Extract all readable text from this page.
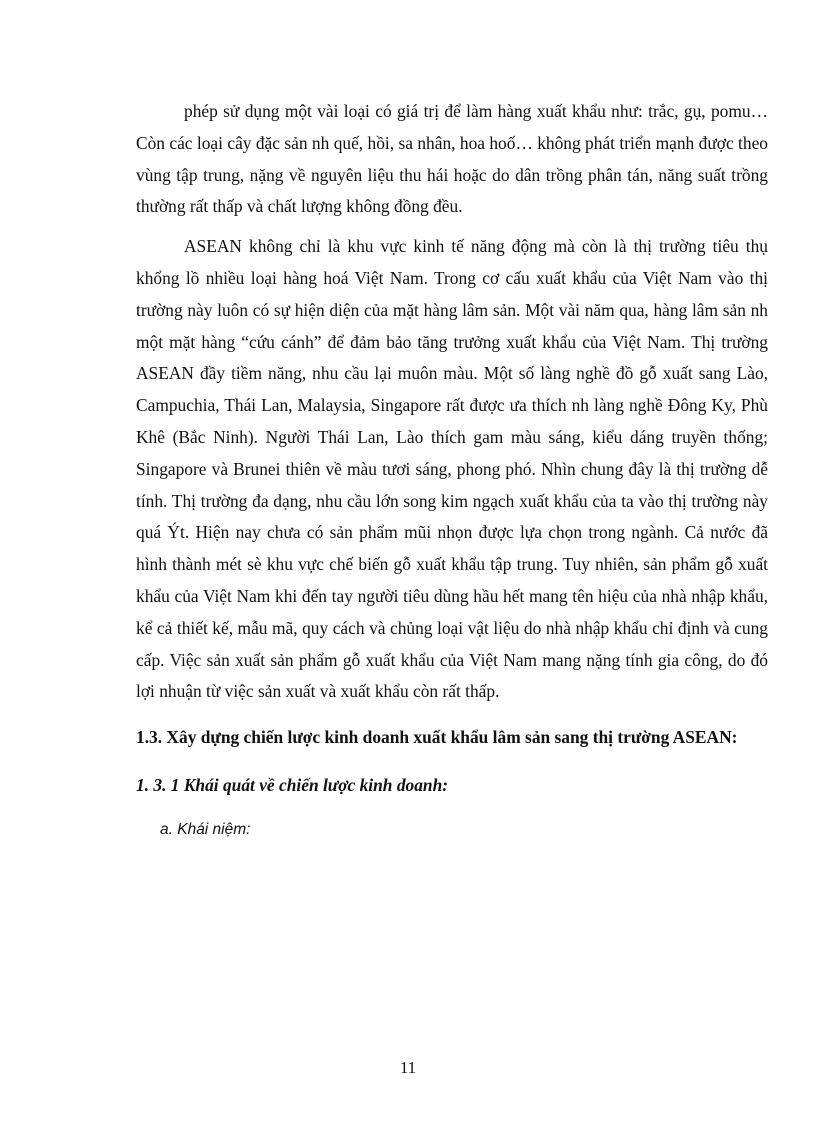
phép sử dụng một vài loại có giá trị để làm hàng xuất khẩu như: trắc, gụ, pomu… Còn các loại cây đặc sản nh quế, hồi, sa nhân, hoa hoố… không phát triển mạnh được theo vùng tập trung, nặng về nguyên liệu thu hái hoặc do dân trồng phân tán, năng suất trồng thường rất thấp và chất lượng không đồng đều.

ASEAN không chỉ là khu vực kinh tế năng động mà còn là thị trường tiêu thụ khổng lồ nhiều loại hàng hoá Việt Nam. Trong cơ cấu xuất khẩu của Việt Nam vào thị trường này luôn có sự hiện diện của mặt hàng lâm sản. Một vài năm qua, hàng lâm sản nh một mặt hàng “cứu cánh” để đảm bảo tăng trưởng xuất khẩu của Việt Nam. Thị trường ASEAN đầy tiềm năng, nhu cầu lại muôn màu. Một số làng nghề đồ gỗ xuất sang Lào, Campuchia, Thái Lan, Malaysia, Singapore rất được ưa thích nh làng nghề Đông Ky, Phù Khê (Bắc Ninh). Người Thái Lan, Lào thích gam màu sáng, kiểu dáng truyền thống; Singapore và Brunei thiên về màu tươi sáng, phong phó. Nhìn chung đây là thị trường dễ tính. Thị trường đa dạng, nhu cầu lớn song kim ngạch xuất khẩu của ta vào thị trường này quá Ýt. Hiện nay chưa có sản phẩm mũi nhọn được lựa chọn trong ngành. Cả nước đã hình thành mét sè khu vực chế biến gỗ xuất khẩu tập trung. Tuy nhiên, sản phẩm gỗ xuất khẩu của Việt Nam khi đến tay người tiêu dùng hầu hết mang tên hiệu của nhà nhập khẩu, kể cả thiết kế, mẫu mã, quy cách và chủng loại vật liệu do nhà nhập khẩu chỉ định và cung cấp. Việc sản xuất sản phẩm gỗ xuất khẩu của Việt Nam mang nặng tính gia công, do đó lợi nhuận từ việc sản xuất và xuất khẩu còn rất thấp.

1.3. Xây dựng chiến lược kinh doanh xuất khẩu lâm sản sang thị trường ASEAN:

1. 3. 1 Khái quát về chiến lược kinh doanh:

a. Khái niệm:

11
